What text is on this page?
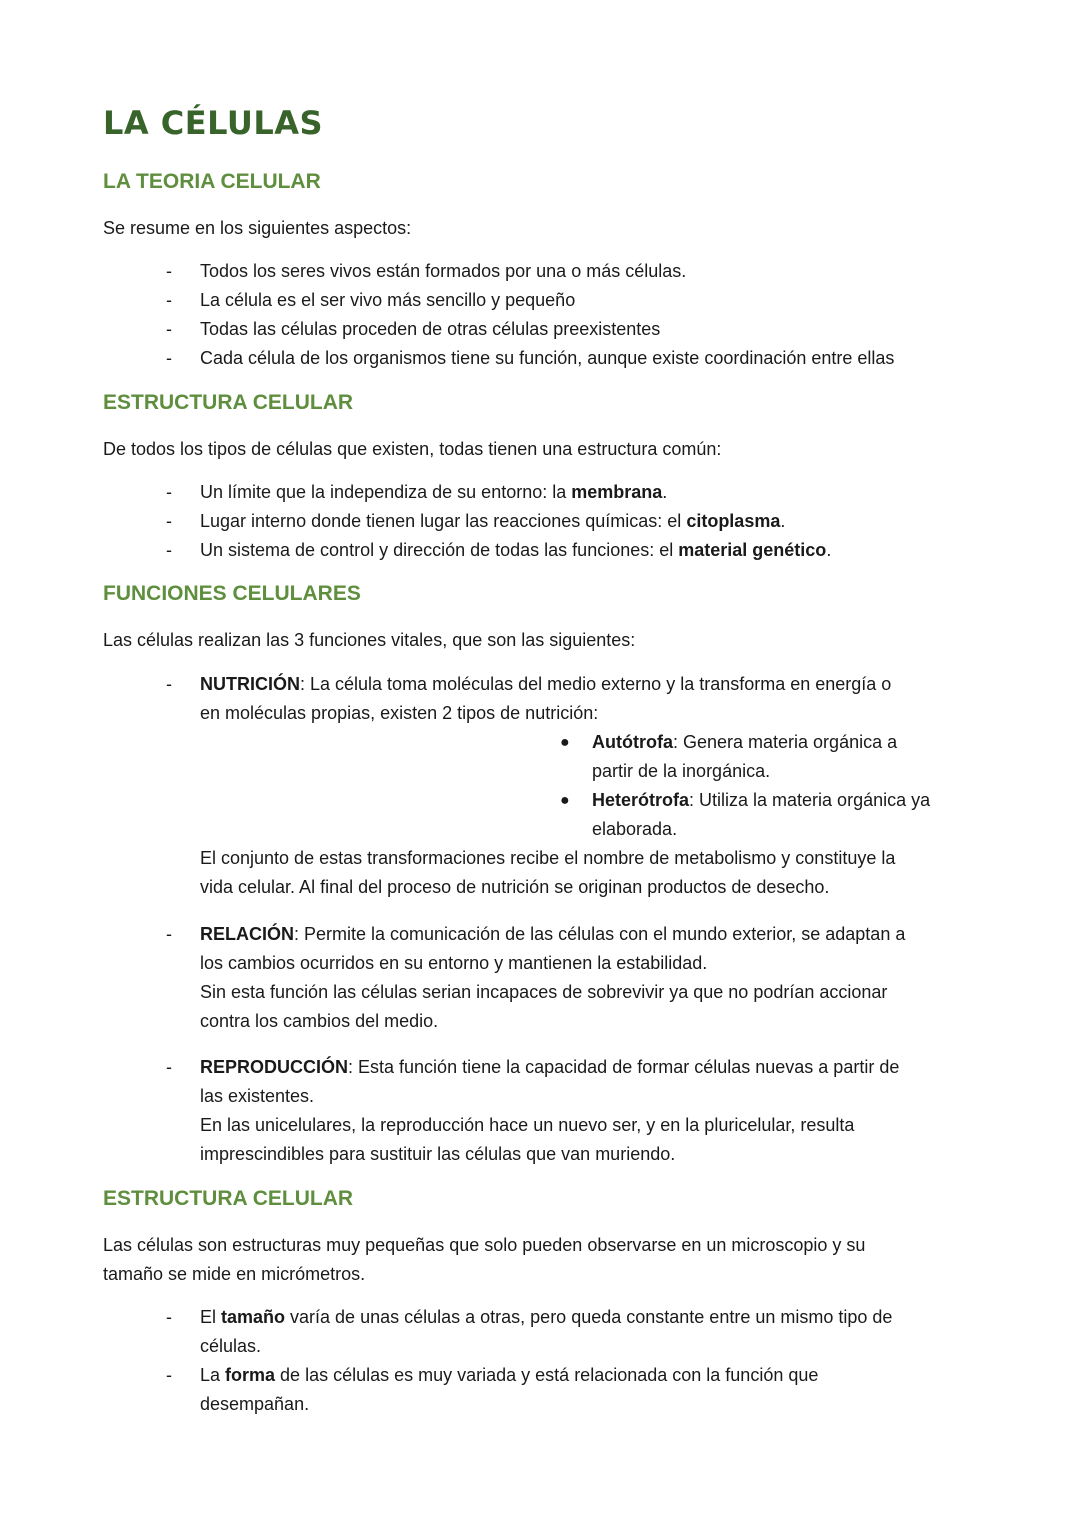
LA CÉLULAS
LA TEORIA CELULAR

Se resume en los siguientes aspectos:

- Todos los seres vivos están formados por una o más células.
- La célula es el ser vivo más sencillo y pequeño
- Todas las células proceden de otras células preexistentes
- Cada célula de los organismos tiene su función, aunque existe coordinación entre ellas
ESTRUCTURA CELULAR

De todos los tipos de células que existen, todas tienen una estructura común:

- Un límite que la independiza de su entorno: la membrana.
- Lugar interno donde tienen lugar las reacciones químicas: el citoplasma.
- Un sistema de control y dirección de todas las funciones: el material genético.
FUNCIONES CELULARES

Las células realizan las 3 funciones vitales, que son las siguientes:

- NUTRICIÓN: La célula toma moléculas del medio externo y la transforma en energía o
en moléculas propias, existen 2 tipos de nutrición:
● Autótrofa: Genera materia orgánica a
partir de la inorgánica.
● Heterótrofa: Utiliza la materia orgánica ya
elaborada.
El conjunto de estas transformaciones recibe el nombre de metabolismo y constituye la
vida celular. Al final del proceso de nutrición se originan productos de desecho.
- RELACIÓN: Permite la comunicación de las células con el mundo exterior, se adaptan a
los cambios ocurridos en su entorno y mantienen la estabilidad.
Sin esta función las células serian incapaces de sobrevivir ya que no podrían accionar
contra los cambios del medio.
- REPRODUCCIÓN: Esta función tiene la capacidad de formar células nuevas a partir de
las existentes.
En las unicelulares, la reproducción hace un nuevo ser, y en la pluricelular, resulta
imprescindibles para sustituir las células que van muriendo.
ESTRUCTURA CELULAR

Las células son estructuras muy pequeñas que solo pueden observarse en un microscopio y su

tamaño se mide en micrómetros.

- El tamaño varía de unas células a otras, pero queda constante entre un mismo tipo de
células.
- La forma de las células es muy variada y está relacionada con la función que
desempañan.
